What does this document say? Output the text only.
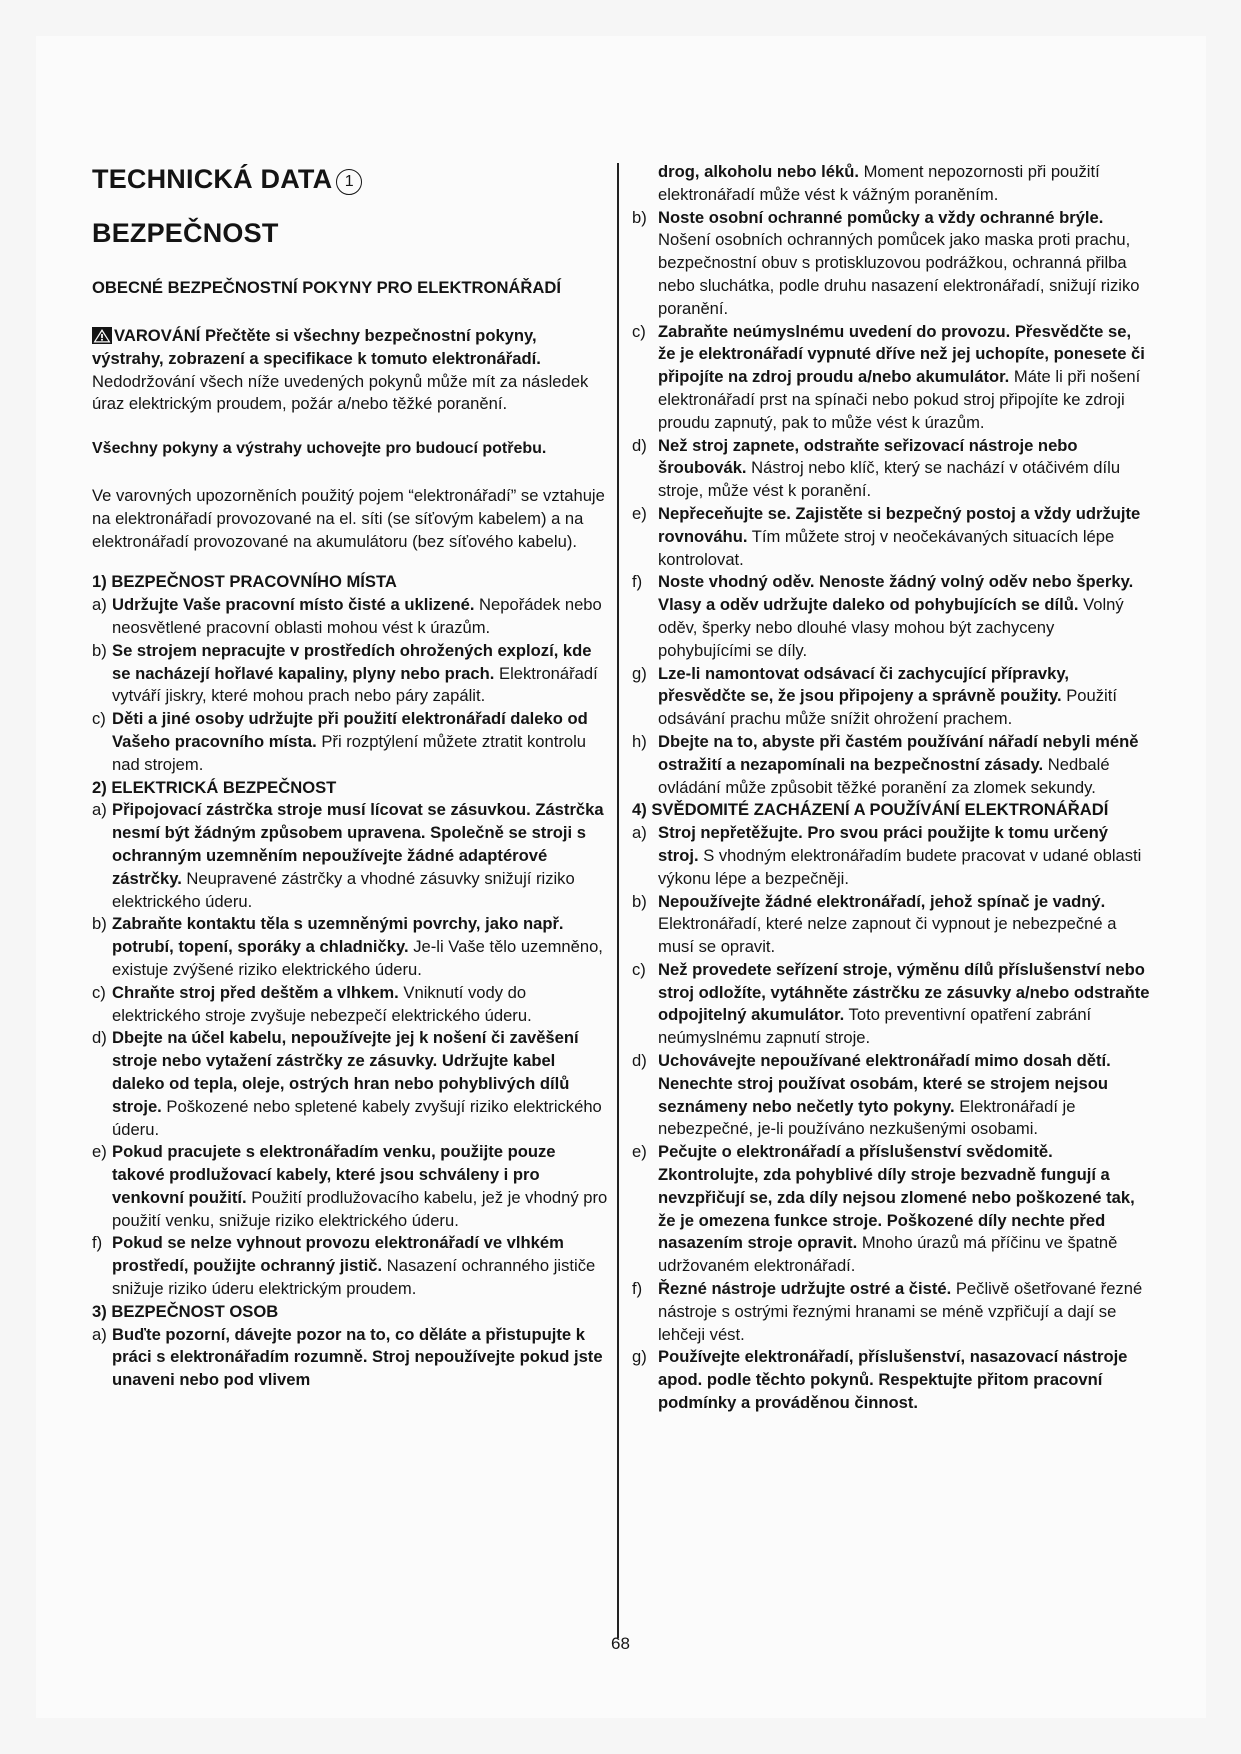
TECHNICKÁ DATA 1
BEZPEČNOST
OBECNÉ BEZPEČNOSTNÍ POKYNY PRO ELEKTRONÁŘADÍ

VAROVÁNÍ Přečtěte si všechny bezpečnostní pokyny, výstrahy, zobrazení a specifikace k tomuto elektronářadí. Nedodržování všech níže uvedených pokynů může mít za následek úraz elektrickým proudem, požár a/nebo těžké poranění.

Všechny pokyny a výstrahy uchovejte pro budoucí potřebu.

Ve varovných upozorněních použitý pojem “elektronářadí” se vztahuje na elektronářadí provozované na el. síti (se síťovým kabelem) a na elektronářadí provozované na akumulátoru (bez síťového kabelu).

1) BEZPEČNOST PRACOVNÍHO MÍSTA

a) Udržujte Vaše pracovní místo čisté a uklizené. Nepořádek nebo neosvětlené pracovní oblasti mohou vést k úrazům.
b) Se strojem nepracujte v prostředích ohrožených explozí, kde se nacházejí hořlavé kapaliny, plyny nebo prach. Elektronářadí vytváří jiskry, které mohou prach nebo páry zapálit.
c) Děti a jiné osoby udržujte při použití elektronářadí daleko od Vašeho pracovního místa. Při rozptýlení můžete ztratit kontrolu nad strojem.

2) ELEKTRICKÁ BEZPEČNOST

a) Připojovací zástrčka stroje musí lícovat se zásuvkou. Zástrčka nesmí být žádným způsobem upravena. Společně se stroji s ochranným uzemněním nepoužívejte žádné adaptérové zástrčky. Neupravené zástrčky a vhodné zásuvky snižují riziko elektrického úderu.
b) Zabraňte kontaktu těla s uzemněnými povrchy, jako např. potrubí, topení, sporáky a chladničky. Je-li Vaše tělo uzemněno, existuje zvýšené riziko elektrického úderu.
c) Chraňte stroj před deštěm a vlhkem. Vniknutí vody do elektrického stroje zvyšuje nebezpečí elektrického úderu.
d) Dbejte na účel kabelu, nepoužívejte jej k nošení či zavěšení stroje nebo vytažení zástrčky ze zásuvky. Udržujte kabel daleko od tepla, oleje, ostrých hran nebo pohyblivých dílů stroje. Poškozené nebo spletené kabely zvyšují riziko elektrického úderu.
e) Pokud pracujete s elektronářadím venku, použijte pouze takové prodlužovací kabely, které jsou schváleny i pro venkovní použití. Použití prodlužovacího kabelu, jež je vhodný pro použití venku, snižuje riziko elektrického úderu.
f) Pokud se nelze vyhnout provozu elektronářadí ve vlhkém prostředí, použijte ochranný jistič. Nasazení ochranného jističe snižuje riziko úderu elektrickým proudem.

3) BEZPEČNOST OSOB

a) Buďte pozorní, dávejte pozor na to, co děláte a přistupujte k práci s elektronářadím rozumně. Stroj nepoužívejte pokud jste unaveni nebo pod vlivem

drog, alkoholu nebo léků. Moment nepozornosti při použití elektronářadí může vést k vážným poraněním.

b) Noste osobní ochranné pomůcky a vždy ochranné brýle. Nošení osobních ochranných pomůcek jako maska proti prachu, bezpečnostní obuv s protiskluzovou podrážkou, ochranná přilba nebo sluchátka, podle druhu nasazení elektronářadí, snižují riziko poranění.
c) Zabraňte neúmyslnému uvedení do provozu. Přesvědčte se, že je elektronářadí vypnuté dříve než jej uchopíte, ponesete či připojíte na zdroj proudu a/nebo akumulátor. Máte li při nošení elektronářadí prst na spínači nebo pokud stroj připojíte ke zdroji proudu zapnutý, pak to může vést k úrazům.
d) Než stroj zapnete, odstraňte seřizovací nástroje nebo šroubovák. Nástroj nebo klíč, který se nachází v otáčivém dílu stroje, může vést k poranění.
e) Nepřeceňujte se. Zajistěte si bezpečný postoj a vždy udržujte rovnováhu. Tím můžete stroj v neočekávaných situacích lépe kontrolovat.
f) Noste vhodný oděv. Nenoste žádný volný oděv nebo šperky. Vlasy a oděv udržujte daleko od pohybujících se dílů. Volný oděv, šperky nebo dlouhé vlasy mohou být zachyceny pohybujícími se díly.
g) Lze-li namontovat odsávací či zachycující přípravky, přesvědčte se, že jsou připojeny a správně použity. Použití odsávání prachu může snížit ohrožení prachem.
h) Dbejte na to, abyste při častém používání nářadí nebyli méně ostražití a nezapomínali na bezpečnostní zásady. Nedbalé ovládání může způsobit těžké poranění za zlomek sekundy.

4) SVĚDOMITÉ ZACHÁZENÍ A POUŽÍVÁNÍ ELEKTRONÁŘADÍ

a) Stroj nepřetěžujte. Pro svou práci použijte k tomu určený stroj. S vhodným elektronářadím budete pracovat v udané oblasti výkonu lépe a bezpečněji.
b) Nepoužívejte žádné elektronářadí, jehož spínač je vadný. Elektronářadí, které nelze zapnout či vypnout je nebezpečné a musí se opravit.
c) Než provedete seřízení stroje, výměnu dílů příslušenství nebo stroj odložíte, vytáhněte zástrčku ze zásuvky a/nebo odstraňte odpojitelný akumulátor. Toto preventivní opatření zabrání neúmyslnému zapnutí stroje.
d) Uchovávejte nepoužívané elektronářadí mimo dosah dětí. Nenechte stroj používat osobám, které se strojem nejsou seznámeny nebo nečetly tyto pokyny. Elektronářadí je nebezpečné, je-li používáno nezkušenými osobami.
e) Pečujte o elektronářadí a příslušenství svědomitě. Zkontrolujte, zda pohyblivé díly stroje bezvadně fungují a nevzpřičují se, zda díly nejsou zlomené nebo poškozené tak, že je omezena funkce stroje. Poškozené díly nechte před nasazením stroje opravit. Mnoho úrazů má příčinu ve špatně udržovaném elektronářadí.
f) Řezné nástroje udržujte ostré a čisté. Pečlivě ošetřované řezné nástroje s ostrými řeznými hranami se méně vzpřičují a dají se lehčeji vést.
g) Používejte elektronářadí, příslušenství, nasazovací nástroje apod. podle těchto pokynů. Respektujte přitom pracovní podmínky a prováděnou činnost.
68
